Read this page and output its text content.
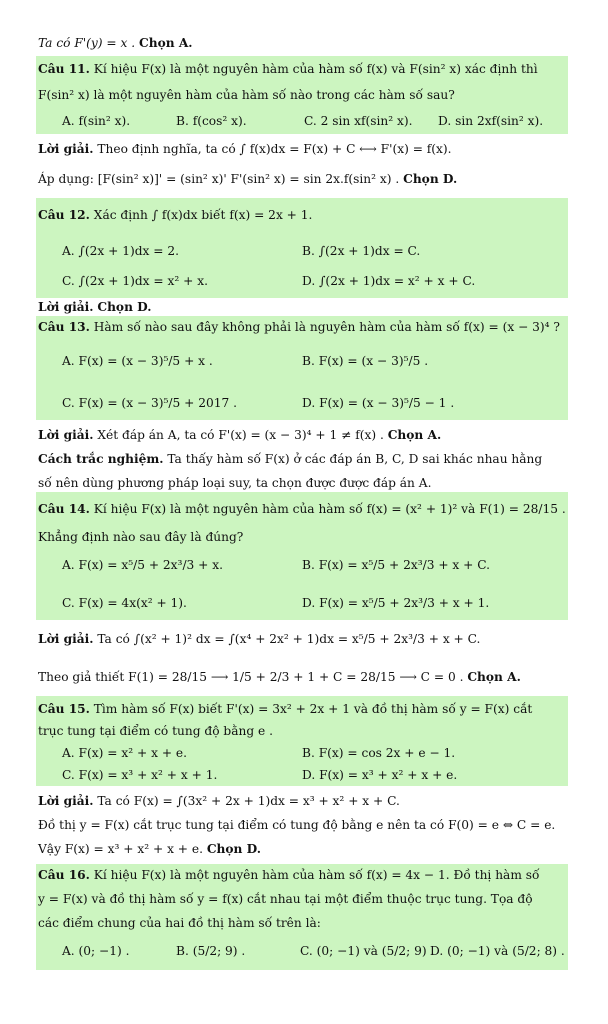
Ta có F'(y) = x . Chọn A.
Câu 11. Kí hiệu F(x) là một nguyên hàm của hàm số f(x) và F(sin² x) xác định thì
F(sin² x) là một nguyên hàm của hàm số nào trong các hàm số sau?
A. f(sin² x).	B. f(cos² x).	C. 2 sin xf(sin² x). D. sin 2xf(sin² x).
Lời giải. Theo định nghĩa, ta có ∫ f(x)dx = F(x) + C ⟷ F'(x) = f(x).
Áp dụng: [F(sin² x)]' = (sin² x)' F'(sin² x) = sin 2x.f(sin² x) . Chọn D.
Câu 12. Xác định ∫ f(x)dx biết f(x) = 2x + 1.
A. ∫(2x + 1)dx = 2.	B. ∫(2x + 1)dx = C.
C. ∫(2x + 1)dx = x² + x.	D. ∫(2x + 1)dx = x² + x + C.
Lời giải. Chọn D.
Câu 13. Hàm số nào sau đây không phải là nguyên hàm của hàm số f(x) = (x − 3)⁴ ?
A. F(x) = (x − 3)⁵/5 + x .	B. F(x) = (x − 3)⁵/5 .
C. F(x) = (x − 3)⁵/5 + 2017 .	D. F(x) = (x − 3)⁵/5 − 1 .
Lời giải. Xét đáp án A, ta có F'(x) = (x − 3)⁴ + 1 ≠ f(x) . Chọn A.
Cách trắc nghiệm. Ta thấy hàm số F(x) ở các đáp án B, C, D sai khác nhau hằng
số nên dùng phương pháp loại suy, ta chọn được được đáp án A.
Câu 14. Kí hiệu F(x) là một nguyên hàm của hàm số f(x) = (x² + 1)² và F(1) = 28/15 .
Khẳng định nào sau đây là đúng?
A. F(x) = x⁵/5 + 2x³/3 + x.	B. F(x) = x⁵/5 + 2x³/3 + x + C.
C. F(x) = 4x(x² + 1).	D. F(x) = x⁵/5 + 2x³/3 + x + 1.
Lời giải. Ta có ∫(x² + 1)² dx = ∫(x⁴ + 2x² + 1)dx = x⁵/5 + 2x³/3 + x + C.
Theo giả thiết F(1) = 28/15 ⟶ 1/5 + 2/3 + 1 + C = 28/15 ⟶ C = 0 . Chọn A.
Câu 15. Tìm hàm số F(x) biết F'(x) = 3x² + 2x + 1 và đồ thị hàm số y = F(x) cắt
trục tung tại điểm có tung độ bằng e .
A. F(x) = x² + x + e.	B. F(x) = cos 2x + e − 1.
C. F(x) = x³ + x² + x + 1.	D. F(x) = x³ + x² + x + e.
Lời giải. Ta có F(x) = ∫(3x² + 2x + 1)dx = x³ + x² + x + C.
Đồ thị y = F(x) cắt trục tung tại điểm có tung độ bằng e nên ta có F(0) = e ⇔ C = e.
Vậy F(x) = x³ + x² + x + e. Chọn D.
Câu 16. Kí hiệu F(x) là một nguyên hàm của hàm số f(x) = 4x − 1. Đồ thị hàm số
y = F(x) và đồ thị hàm số y = f(x) cắt nhau tại một điểm thuộc trục tung. Tọa độ
các điểm chung của hai đồ thị hàm số trên là:
A. (0; −1) .	B. (5/2; 9) .	C. (0; −1) và (5/2; 9) .
D. (0; −1) và (5/2; 8) .
